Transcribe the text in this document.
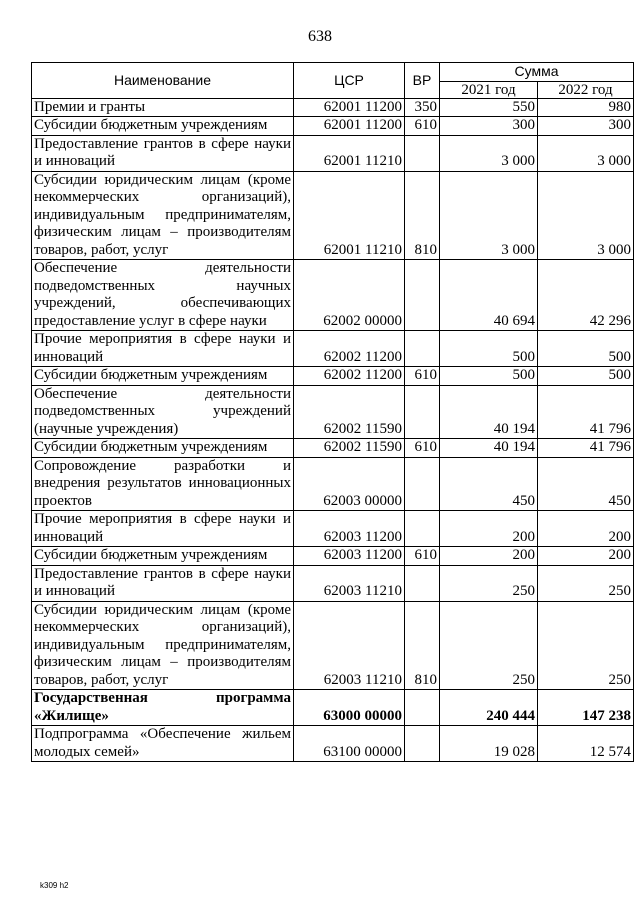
638
Наименование	ЦСР	ВР	Сумма	
			2021 год	2022 год
Премии и гранты	62001 11200	350	550	980
Субсидии бюджетным учреждениям	62001 11200	610	300	300
Предоставление грантов в сфере науки и инноваций	62001 11210		3 000	3 000
Субсидии юридическим лицам (кроме некоммерческих организаций), индивидуальным предпринимателям, физическим лицам – производителям товаров, работ, услуг	62001 11210	810	3 000	3 000
Обеспечение деятельности подведомственных научных учреждений, обеспечивающих предоставление услуг в сфере науки	62002 00000		40 694	42 296
Прочие мероприятия в сфере науки и инноваций	62002 11200		500	500
Субсидии бюджетным учреждениям	62002 11200	610	500	500
Обеспечение деятельности подведомственных учреждений (научные учреждения)	62002 11590		40 194	41 796
Субсидии бюджетным учреждениям	62002 11590	610	40 194	41 796
Сопровождение разработки и внедрения результатов инновационных проектов	62003 00000		450	450
Прочие мероприятия в сфере науки и инноваций	62003 11200		200	200
Субсидии бюджетным учреждениям	62003 11200	610	200	200
Предоставление грантов в сфере науки и инноваций	62003 11210		250	250
Субсидии юридическим лицам (кроме некоммерческих организаций), индивидуальным предпринимателям, физическим лицам – производителям товаров, работ, услуг	62003 11210	810	250	250
Государственная программа «Жилище»	63000 00000		240 444	147 238
Подпрограмма «Обеспечение жильем молодых семей»	63100 00000		19 028	12 574
k309 h2
